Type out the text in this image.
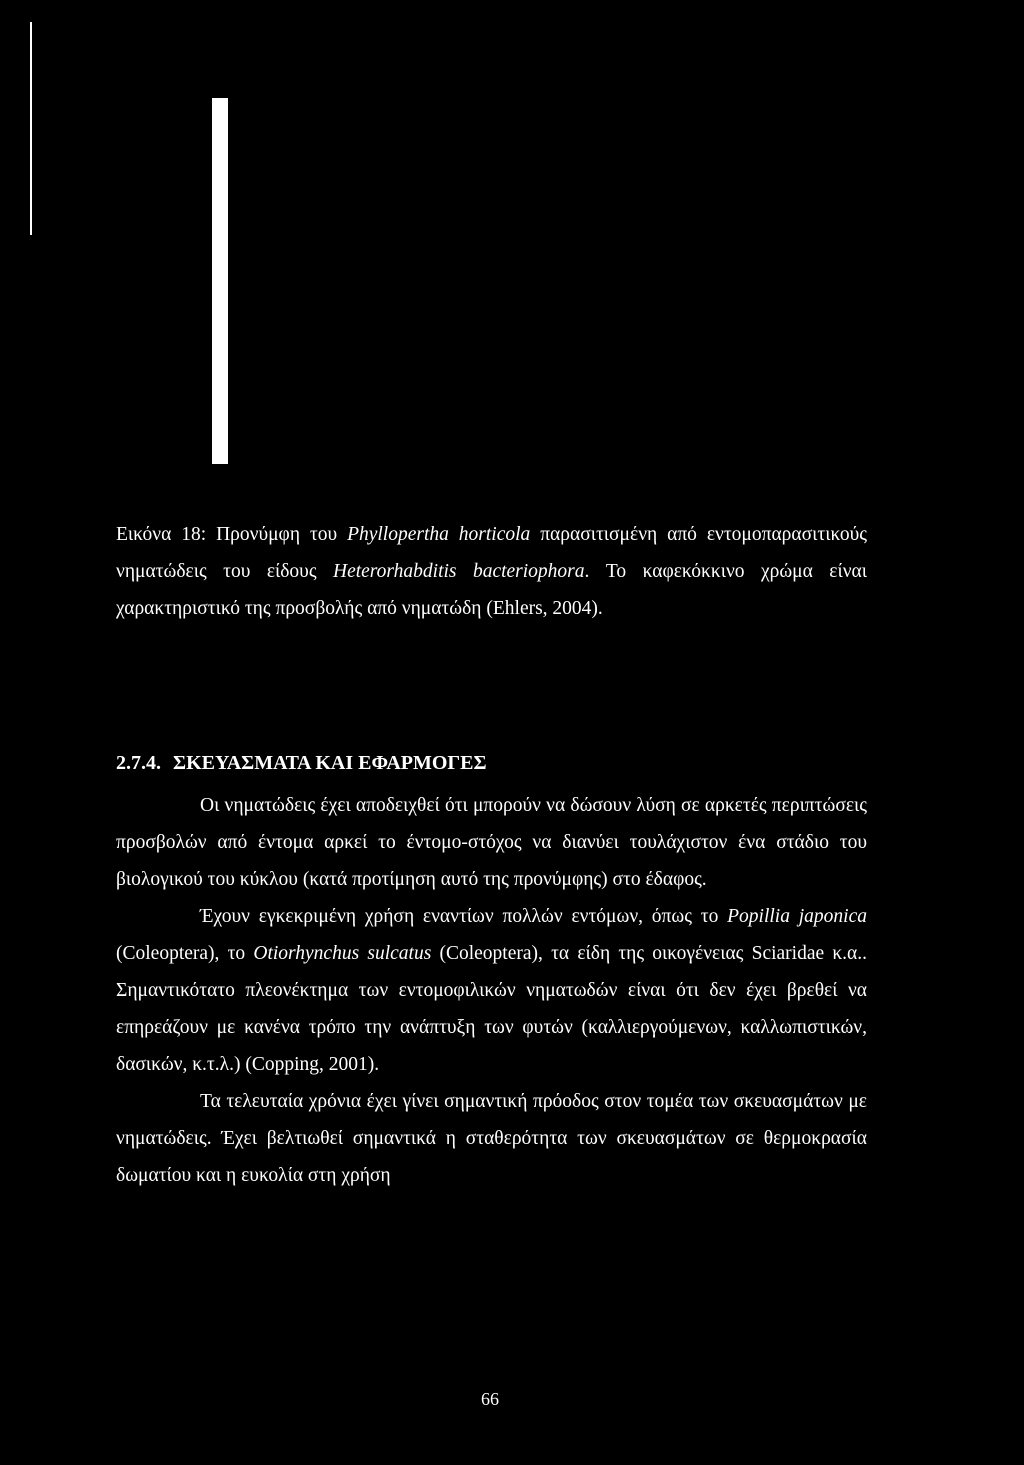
Εικόνα 18: Προνύμφη του Phyllopertha horticola παρασιτισμένη από εντομοπαρασιτικούς νηματώδεις του είδους Heterorhabditis bacteriophora. Το καφεκόκκινο χρώμα είναι χαρακτηριστικό της προσβολής από νηματώδη (Ehlers, 2004).

2.7.4. ΣΚΕΥΑΣΜΑΤΑ ΚΑΙ ΕΦΑΡΜΟΓΕΣ

Οι νηματώδεις έχει αποδειχθεί ότι μπορούν να δώσουν λύση σε αρκετές περιπτώσεις προσβολών από έντομα αρκεί το έντομο-στόχος να διανύει τουλάχιστον ένα στάδιο του βιολογικού του κύκλου (κατά προτίμηση αυτό της προνύμφης) στο έδαφος.

Έχουν εγκεκριμένη χρήση εναντίων πολλών εντόμων, όπως το Popillia japonica (Coleoptera), το Otiorhynchus sulcatus (Coleoptera), τα είδη της οικογένειας Sciaridae κ.α.. Σημαντικότατο πλεονέκτημα των εντομοφιλικών νηματωδών είναι ότι δεν έχει βρεθεί να επηρεάζουν με κανένα τρόπο την ανάπτυξη των φυτών (καλλιεργούμενων, καλλωπιστικών, δασικών, κ.τ.λ.) (Copping, 2001).

Τα τελευταία χρόνια έχει γίνει σημαντική πρόοδος στον τομέα των σκευασμάτων με νηματώδεις. Έχει βελτιωθεί σημαντικά η σταθερότητα των σκευασμάτων σε θερμοκρασία δωματίου και η ευκολία στη χρήση

66
